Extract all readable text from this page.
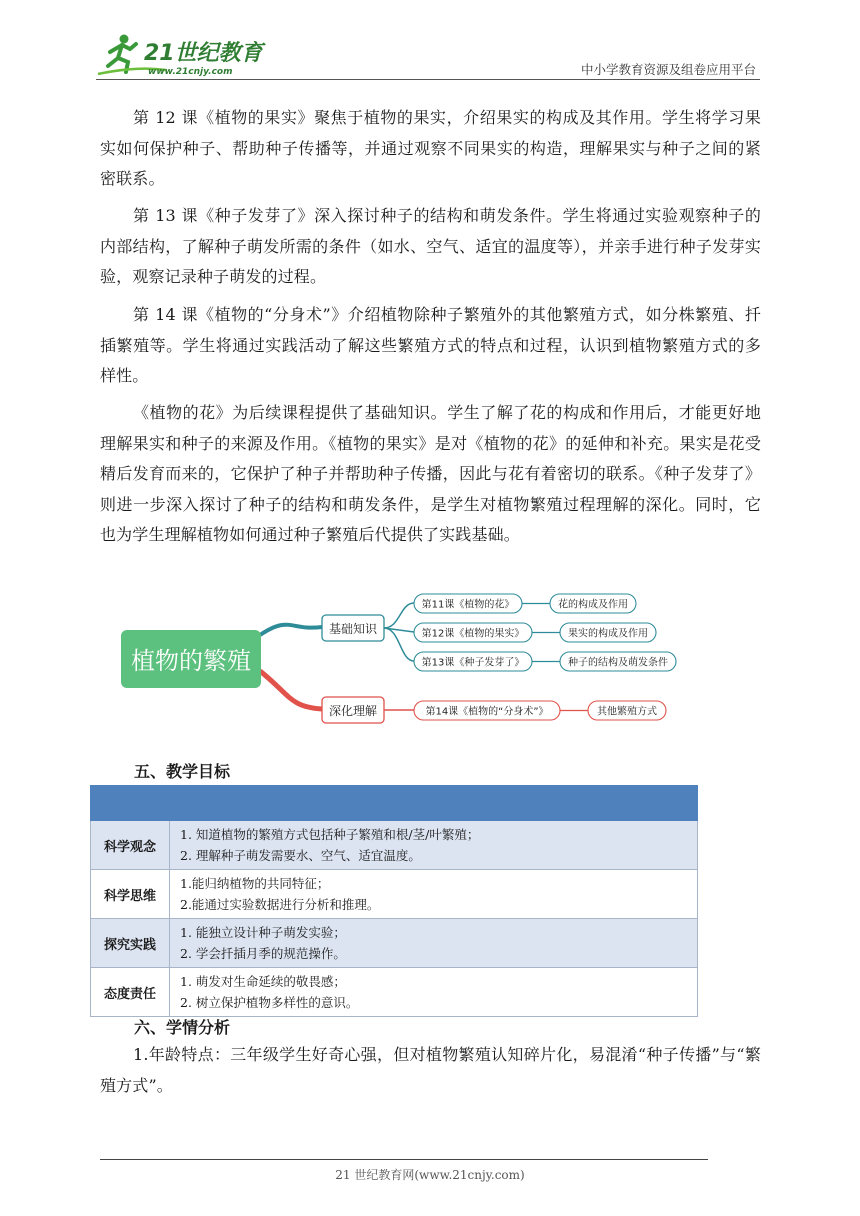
21世纪教育
www.21cnjy.com	中小学教育资源及组卷应用平台

第 12 课《植物的果实》聚焦于植物的果实，介绍果实的构成及其作用。学生将学习果实如何保护种子、帮助种子传播等，并通过观察不同果实的构造，理解果实与种子之间的紧密联系。

第 13 课《种子发芽了》深入探讨种子的结构和萌发条件。学生将通过实验观察种子的内部结构，了解种子萌发所需的条件（如水、空气、适宜的温度等），并亲手进行种子发芽实验，观察记录种子萌发的过程。

第 14 课《植物的“分身术”》介绍植物除种子繁殖外的其他繁殖方式，如分株繁殖、扦插繁殖等。学生将通过实践活动了解这些繁殖方式的特点和过程，认识到植物繁殖方式的多样性。

《植物的花》为后续课程提供了基础知识。学生了解了花的构成和作用后，才能更好地理解果实和种子的来源及作用。《植物的果实》是对《植物的花》的延伸和补充。果实是花受精后发育而来的，它保护了种子并帮助种子传播，因此与花有着密切的联系。《种子发芽了》则进一步深入探讨了种子的结构和萌发条件，是学生对植物繁殖过程理解的深化。同时，它也为学生理解植物如何通过种子繁殖后代提供了实践基础。

植物的繁殖
基础知识
第11课《植物的花》	花的构成及作用
第12课《植物的果实》	果实的构成及作用
第13课《种子发芽了》	种子的结构及萌发条件
深化理解	第14课《植物的“分身术”》	其他繁殖方式
五、教学目标

科学观念	1. 知道植物的繁殖方式包括种子繁殖和根/茎/叶繁殖；
2. 理解种子萌发需要水、空气、适宜温度。

科学思维	1.能归纳植物的共同特征；
2.能通过实验数据进行分析和推理。

探究实践	1. 能独立设计种子萌发实验；
2. 学会扦插月季的规范操作。

态度责任	1. 萌发对生命延续的敬畏感；
2. 树立保护植物多样性的意识。
六、学情分析

1.年龄特点：三年级学生好奇心强，但对植物繁殖认知碎片化，易混淆“种子传播”与“繁殖方式”。

21 世纪教育网(www.21cnjy.com)
